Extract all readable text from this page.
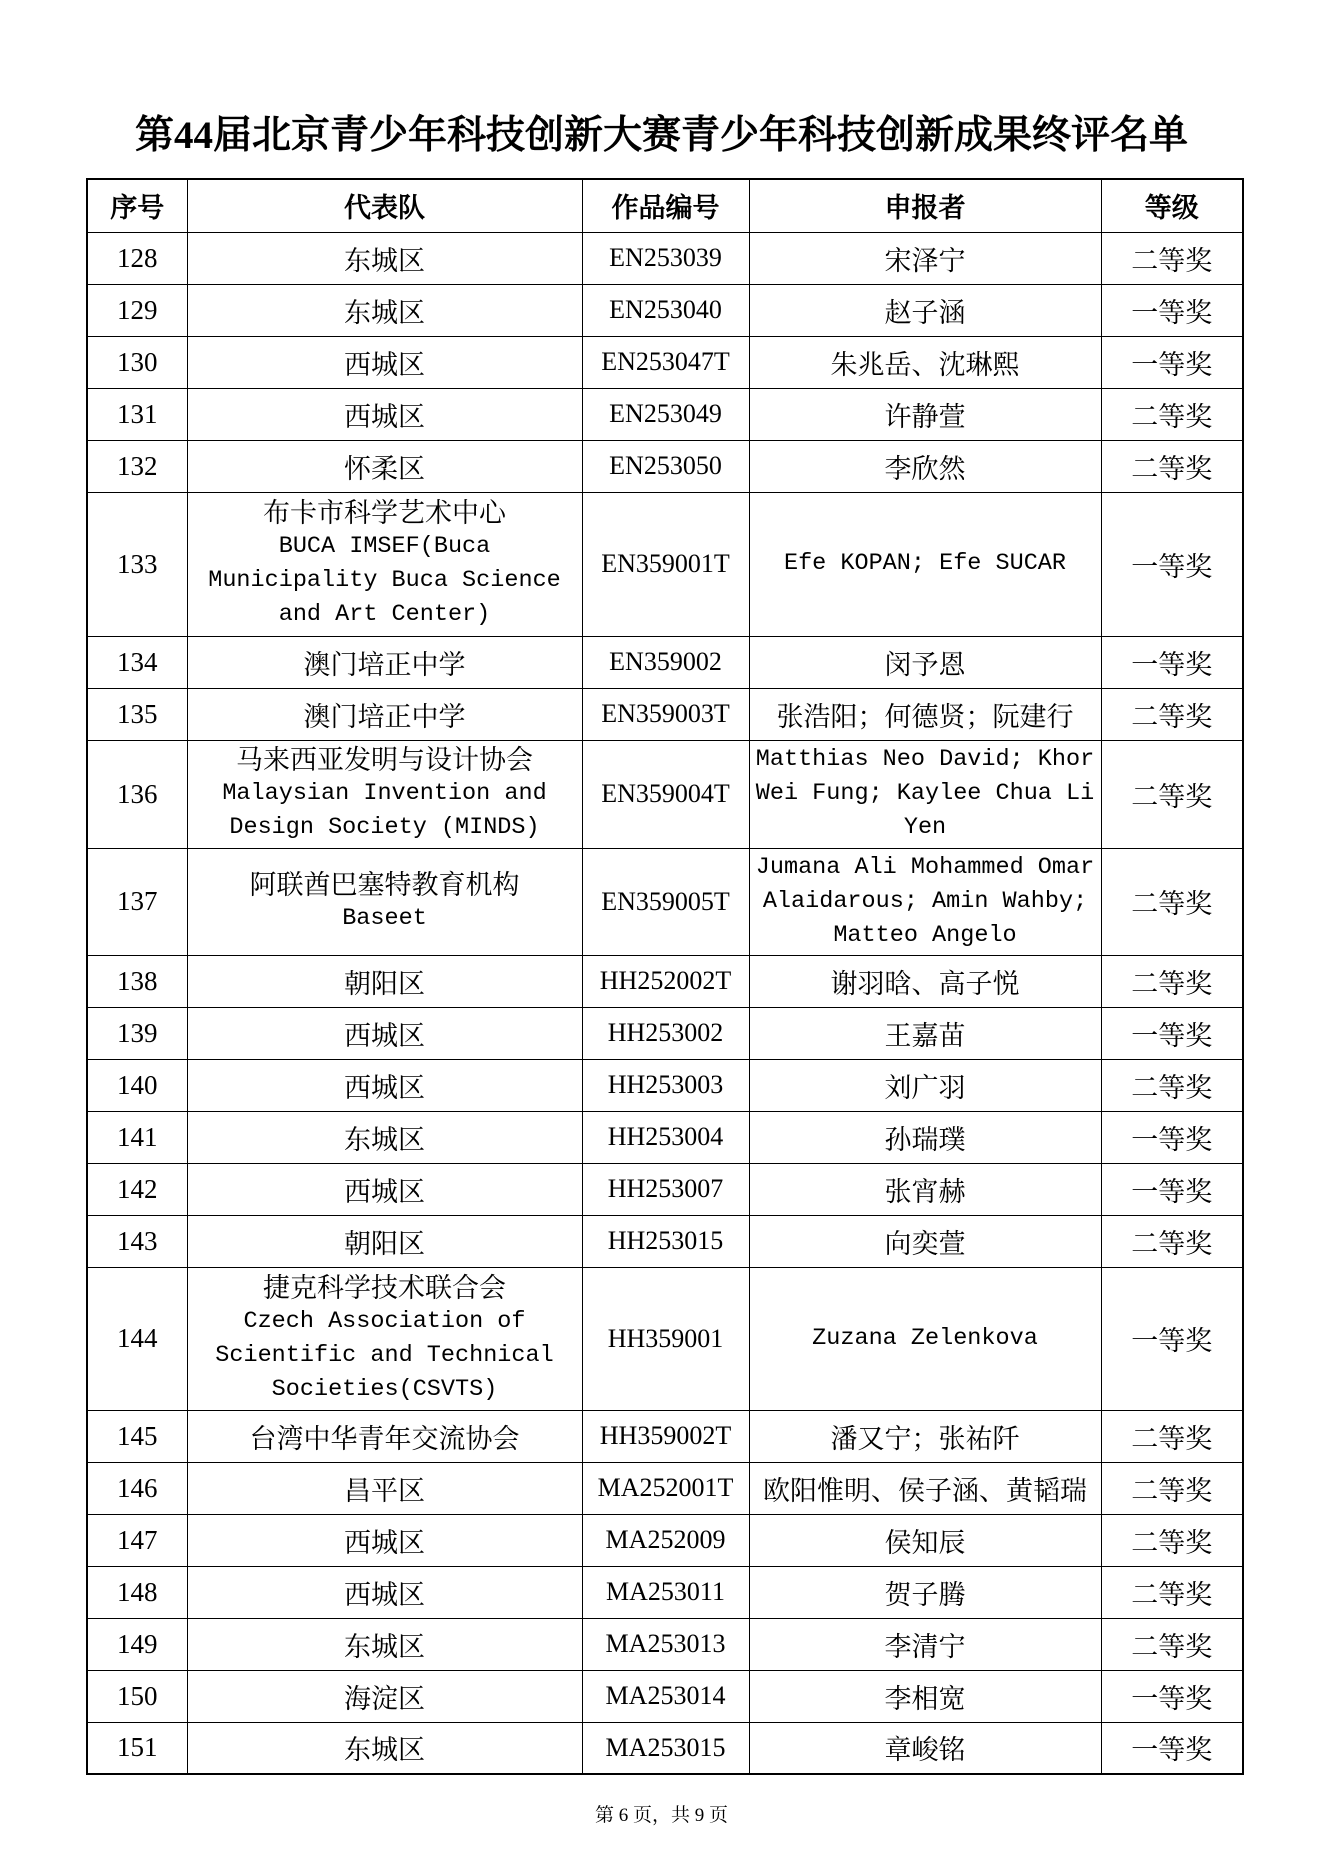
第44届北京青少年科技创新大赛青少年科技创新成果终评名单
序号	代表队	作品编号	申报者	等级
128	东城区	EN253039	宋泽宁	二等奖
129	东城区	EN253040	赵子涵	一等奖
130	西城区	EN253047T	朱兆岳、沈琳熙	一等奖
131	西城区	EN253049	许静萱	二等奖
132	怀柔区	EN253050	李欣然	二等奖
133	布卡市科学艺术中心
BUCA IMSEF(Buca
Municipality Buca Science
and Art Center)	EN359001T	Efe KOPAN; Efe SUCAR	一等奖
134	澳门培正中学	EN359002	闵予恩	一等奖
135	澳门培正中学	EN359003T	张浩阳；何德贤；阮建行	二等奖
136	马来西亚发明与设计协会
Malaysian Invention and
Design Society (MINDS)	EN359004T	Matthias Neo David; Khor
Wei Fung; Kaylee Chua Li
Yen	二等奖
137	阿联酋巴塞特教育机构
Baseet	EN359005T	Jumana Ali Mohammed Omar
Alaidarous; Amin Wahby;
Matteo Angelo	二等奖
138	朝阳区	HH252002T	谢羽晗、高子悦	二等奖
139	西城区	HH253002	王嘉苗	一等奖
140	西城区	HH253003	刘广羽	二等奖
141	东城区	HH253004	孙瑞璞	一等奖
142	西城区	HH253007	张宵赫	一等奖
143	朝阳区	HH253015	向奕萱	二等奖
144	捷克科学技术联合会
Czech Association of
Scientific and Technical
Societies(CSVTS)	HH359001	Zuzana Zelenkova	一等奖
145	台湾中华青年交流协会	HH359002T	潘又宁；张祐阡	二等奖
146	昌平区	MA252001T	欧阳惟明、侯子涵、黄韬瑞	二等奖
147	西城区	MA252009	侯知辰	二等奖
148	西城区	MA253011	贺子腾	二等奖
149	东城区	MA253013	李清宁	二等奖
150	海淀区	MA253014	李相宽	一等奖
151	东城区	MA253015	章峻铭	一等奖
第 6 页，共 9 页
